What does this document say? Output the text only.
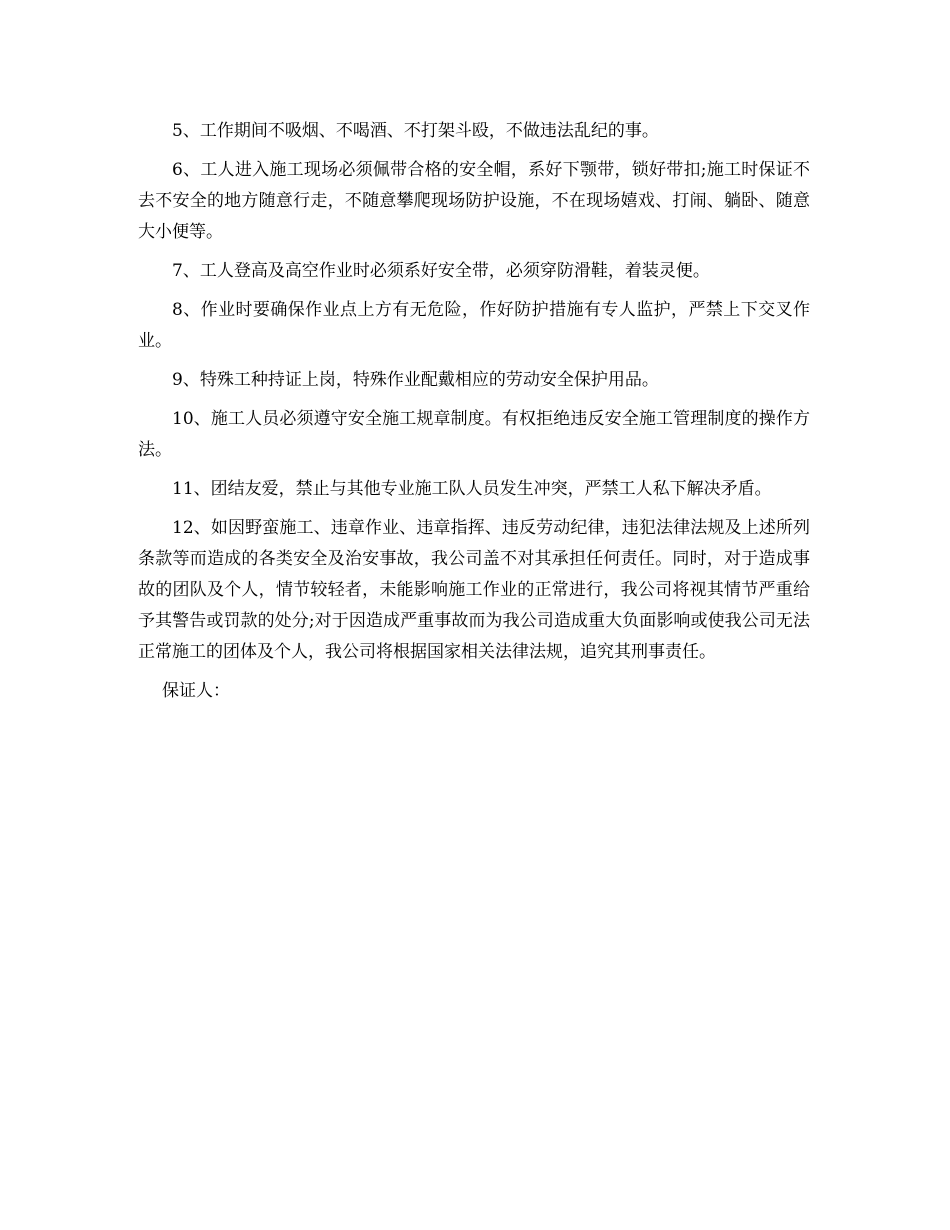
5、工作期间不吸烟、不喝酒、不打架斗殴，不做违法乱纪的事。

6、工人进入施工现场必须佩带合格的安全帽，系好下颚带，锁好带扣;施工时保证不去不安全的地方随意行走，不随意攀爬现场防护设施，不在现场嬉戏、打闹、躺卧、随意大小便等。

7、工人登高及高空作业时必须系好安全带，必须穿防滑鞋，着装灵便。

8、作业时要确保作业点上方有无危险，作好防护措施有专人监护，严禁上下交叉作业。

9、特殊工种持证上岗，特殊作业配戴相应的劳动安全保护用品。

10、施工人员必须遵守安全施工规章制度。有权拒绝违反安全施工管理制度的操作方法。

11、团结友爱，禁止与其他专业施工队人员发生冲突，严禁工人私下解决矛盾。

12、如因野蛮施工、违章作业、违章指挥、违反劳动纪律，违犯法律法规及上述所列条款等而造成的各类安全及治安事故，我公司盖不对其承担任何责任。同时，对于造成事故的团队及个人，情节较轻者，未能影响施工作业的正常进行，我公司将视其情节严重给予其警告或罚款的处分;对于因造成严重事故而为我公司造成重大负面影响或使我公司无法正常施工的团体及个人，我公司将根据国家相关法律法规，追究其刑事责任。

保证人：
